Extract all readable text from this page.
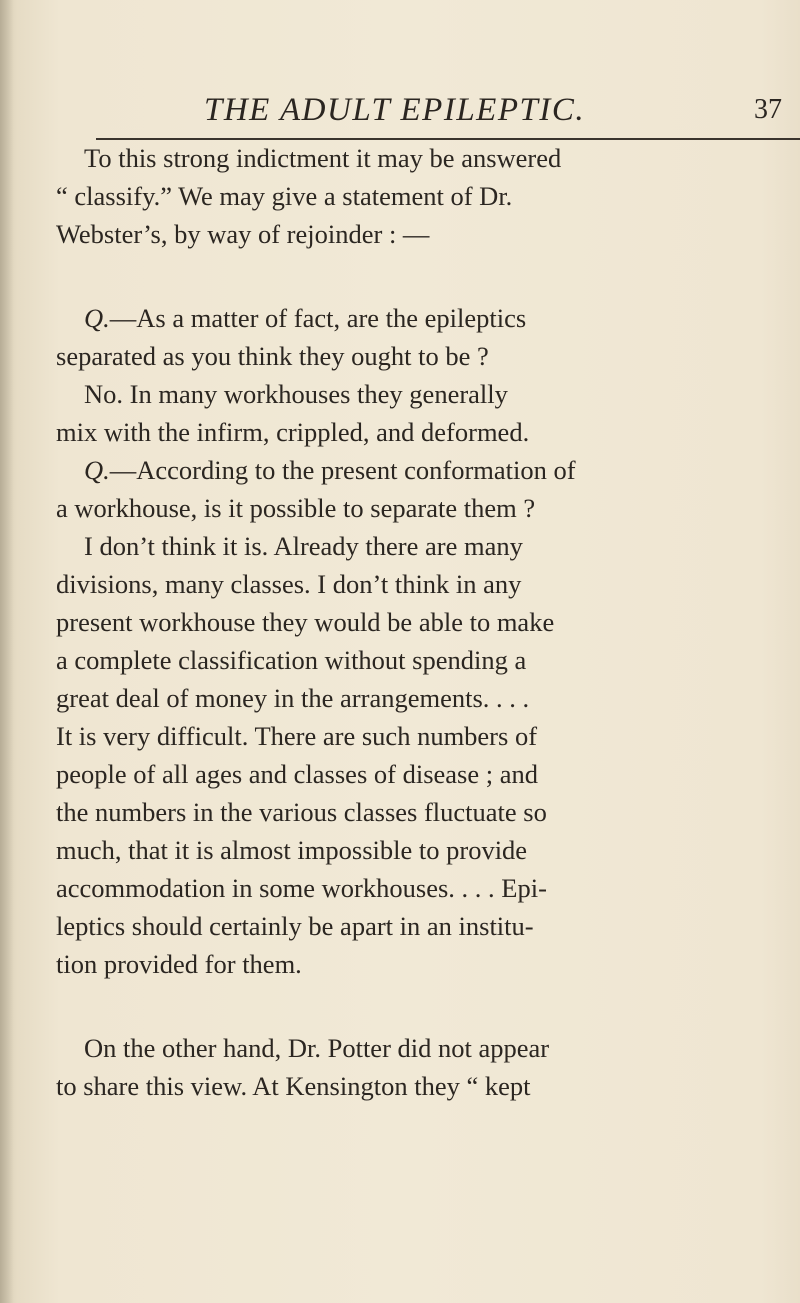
THE ADULT EPILEPTIC.	37
To this strong indictment it may be answered
“ classify.” We may give a statement of Dr.
Webster’s, by way of rejoinder : —
Q.—As a matter of fact, are the epileptics
separated as you think they ought to be ?
No. In many workhouses they generally
mix with the infirm, crippled, and deformed.
Q.—According to the present conformation of
a workhouse, is it possible to separate them ?
I don’t think it is. Already there are many
divisions, many classes. I don’t think in any
present workhouse they would be able to make
a complete classification without spending a
great deal of money in the arrangements. . . .
It is very difficult. There are such numbers of
people of all ages and classes of disease ; and
the numbers in the various classes fluctuate so
much, that it is almost impossible to provide
accommodation in some workhouses. . . . Epi-
leptics should certainly be apart in an institu-
tion provided for them.
On the other hand, Dr. Potter did not appear
to share this view. At Kensington they “ kept
